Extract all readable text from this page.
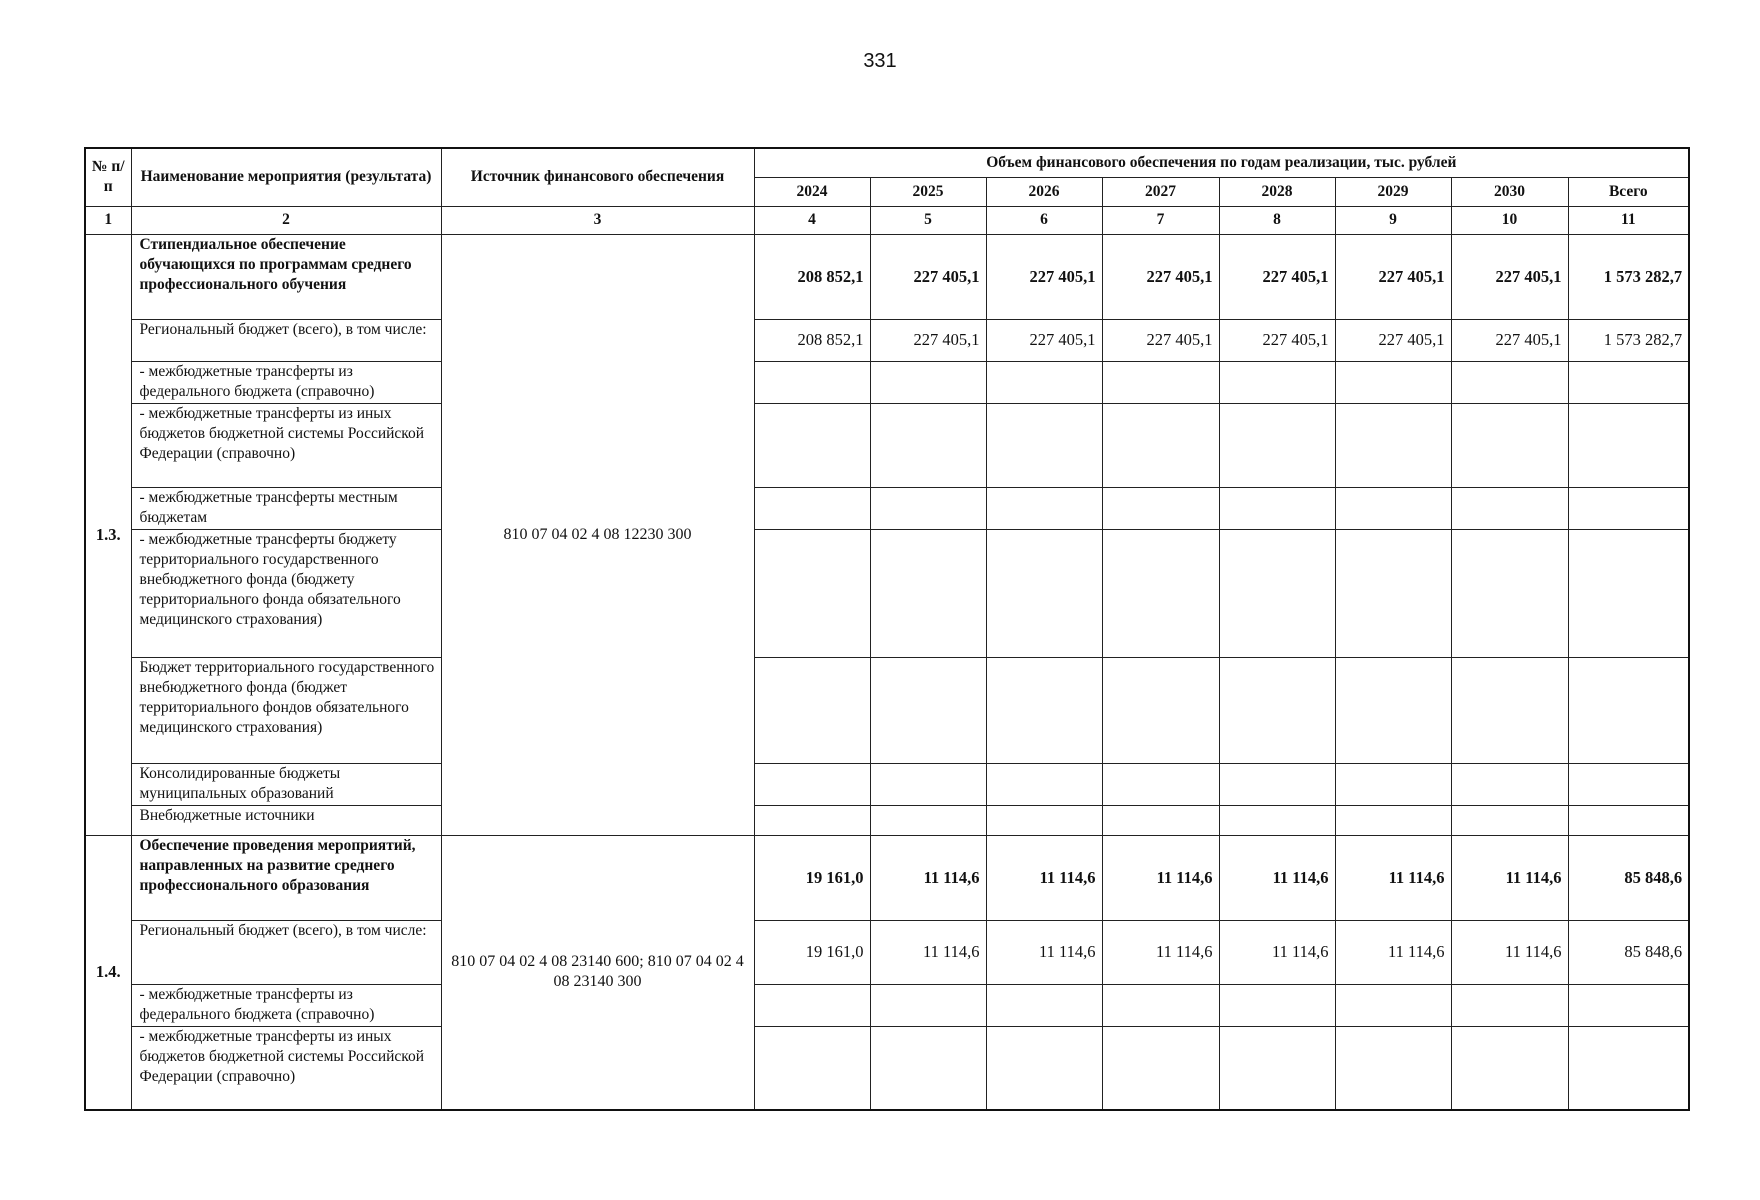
331
№ п/п	Наименование мероприятия (результата)	Источник финансового обеспечения	Объем финансового обеспечения по годам реализации, тыс. рублей							
			2024	2025	2026	2027	2028	2029	2030	Всего
1	2	3	4	5	6	7	8	9	10	11
1.3.	Стипендиальное обеспечение обучающихся по программам среднего профессионального обучения	810 07 04 02 4 08 12230 300	208 852,1	227 405,1	227 405,1	227 405,1	227 405,1	227 405,1	227 405,1	1 573 282,7
	Региональный бюджет (всего), в том числе:		208 852,1	227 405,1	227 405,1	227 405,1	227 405,1	227 405,1	227 405,1	1 573 282,7
	- межбюджетные трансферты из федерального бюджета (справочно)									
	- межбюджетные трансферты из иных бюджетов бюджетной системы Российской Федерации (справочно)									
	- межбюджетные трансферты местным бюджетам									
	- межбюджетные трансферты бюджету территориального государственного внебюджетного фонда (бюджету территориального фонда обязательного медицинского страхования)									
	Бюджет территориального государственного внебюджетного фонда (бюджет территориального фондов обязательного медицинского страхования)									
	Консолидированные бюджеты муниципальных образований									
	Внебюджетные источники									
1.4.	Обеспечение проведения мероприятий, направленных на развитие среднего профессионального образования	810 07 04 02 4 08 23140 600; 810 07 04 02 4 08 23140 300	19 161,0	11 114,6	11 114,6	11 114,6	11 114,6	11 114,6	11 114,6	85 848,6
	Региональный бюджет (всего), в том числе:		19 161,0	11 114,6	11 114,6	11 114,6	11 114,6	11 114,6	11 114,6	85 848,6
	- межбюджетные трансферты из федерального бюджета (справочно)									
	- межбюджетные трансферты из иных бюджетов бюджетной системы Российской Федерации (справочно)									
